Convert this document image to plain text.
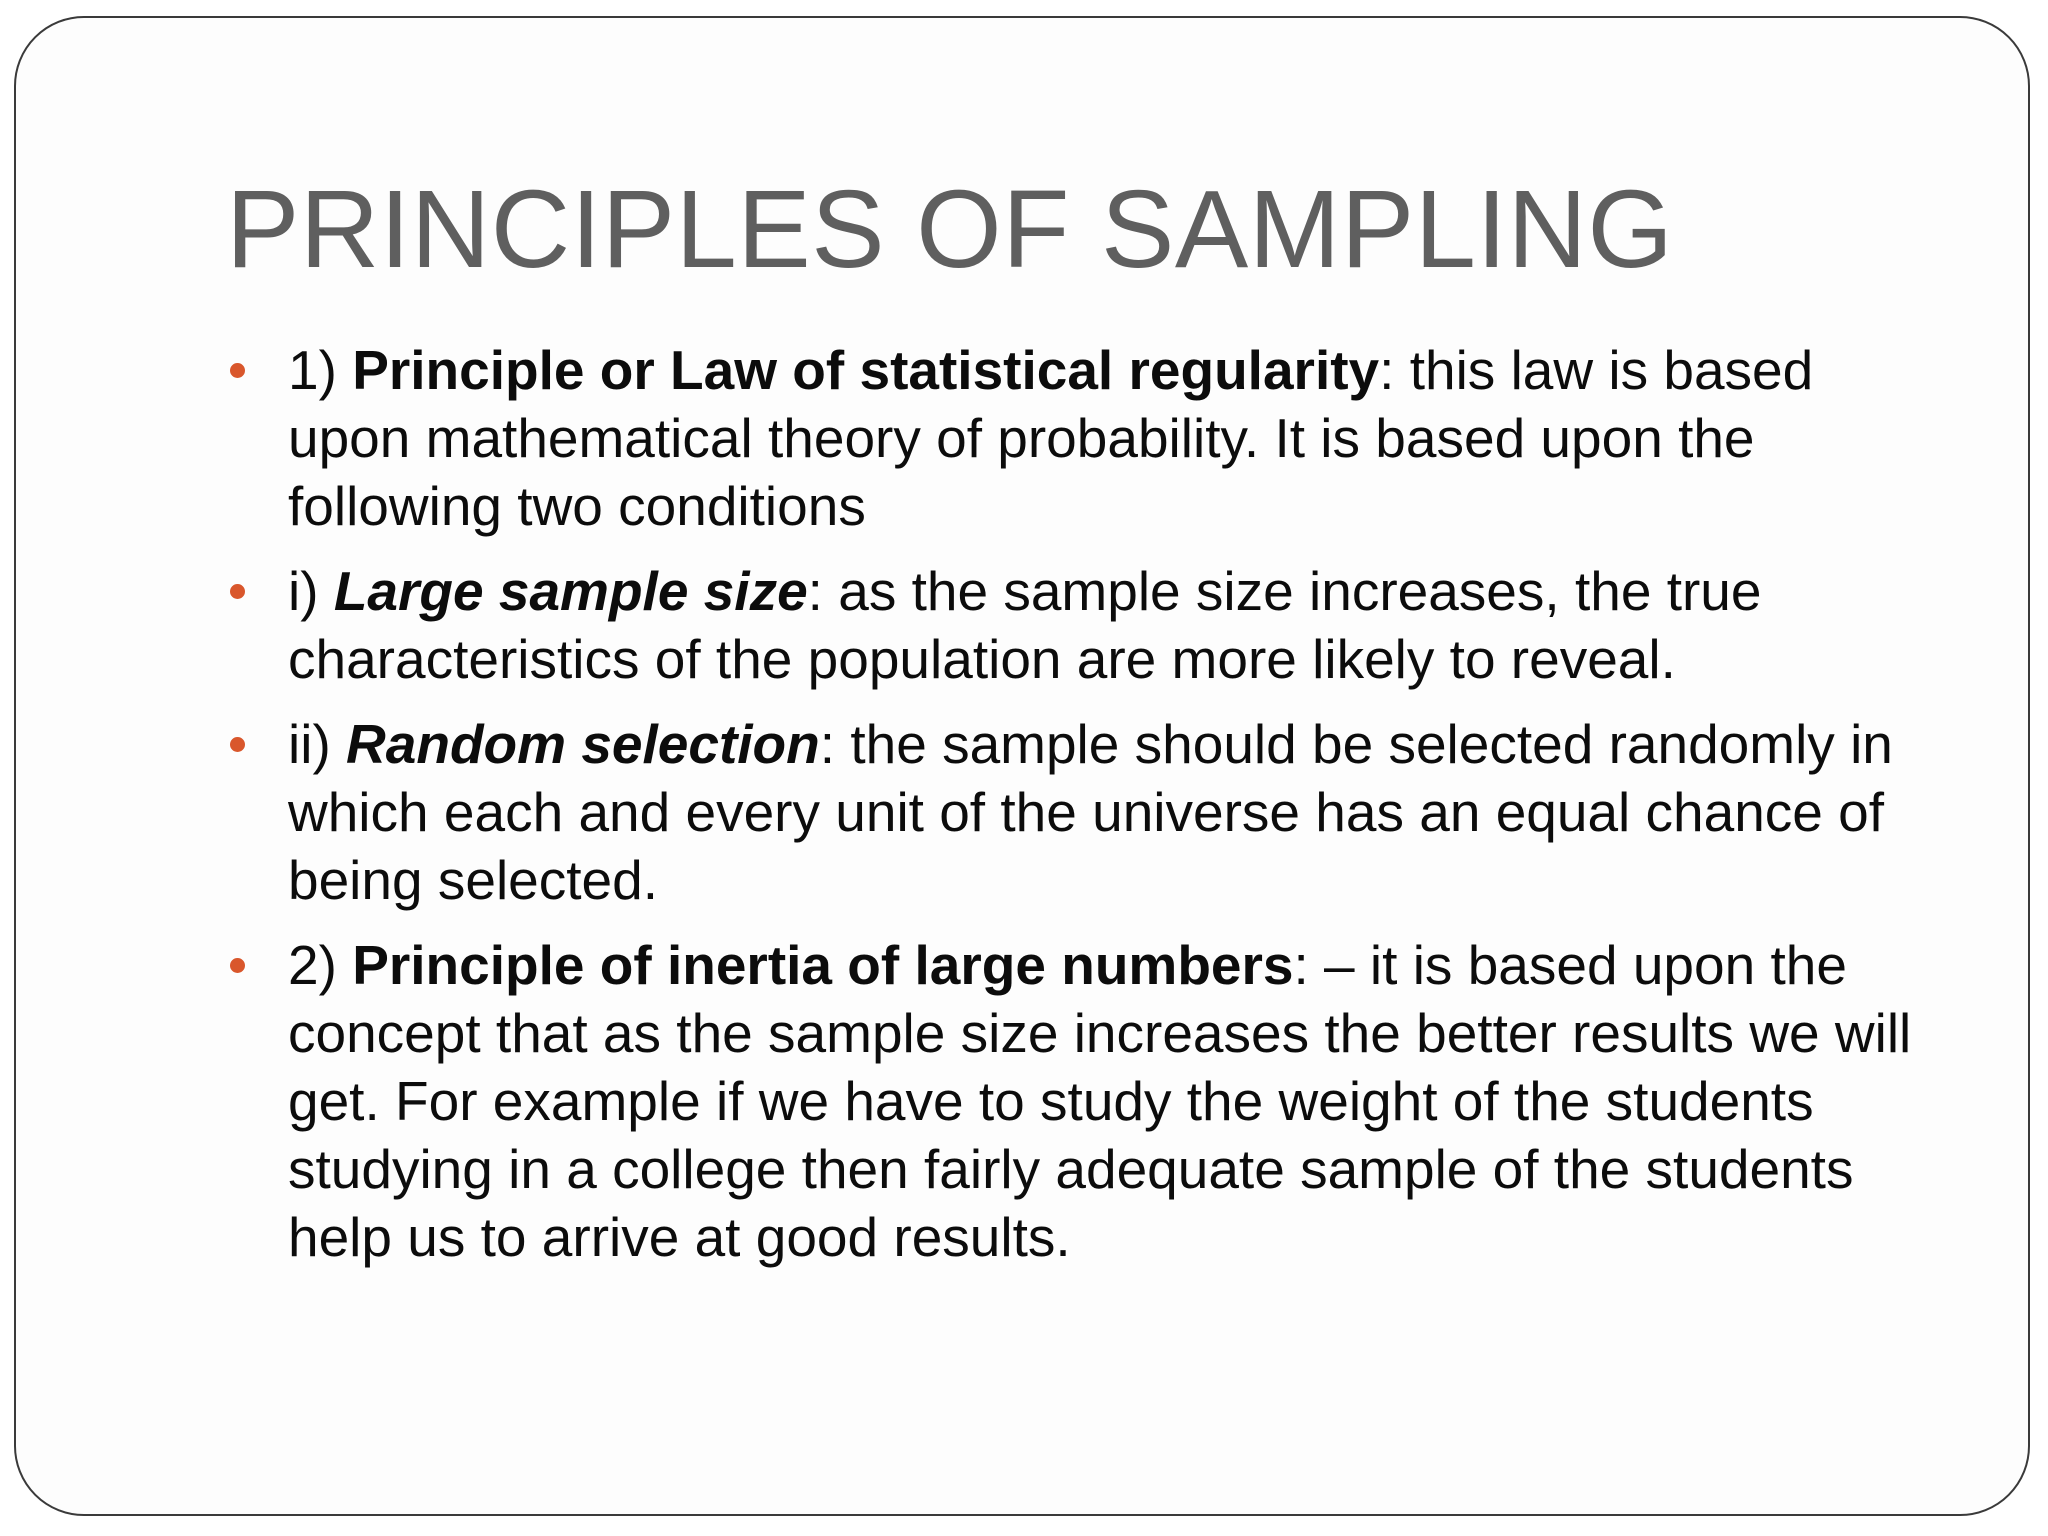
PRINCIPLES OF SAMPLING
1) Principle or Law of statistical regularity: this law is based upon mathematical theory of probability. It is based upon the following two conditions
i) Large sample size: as the sample size increases, the true characteristics of the population are more likely to reveal.
ii) Random selection: the sample should be selected randomly in which each and every unit of the universe has an equal chance of being selected.
2) Principle of inertia of large numbers: – it is based upon the concept that as the sample size increases the better results we will get. For example if we have to study the weight of the students studying in a college then fairly adequate sample of the students help us to arrive at good results.
